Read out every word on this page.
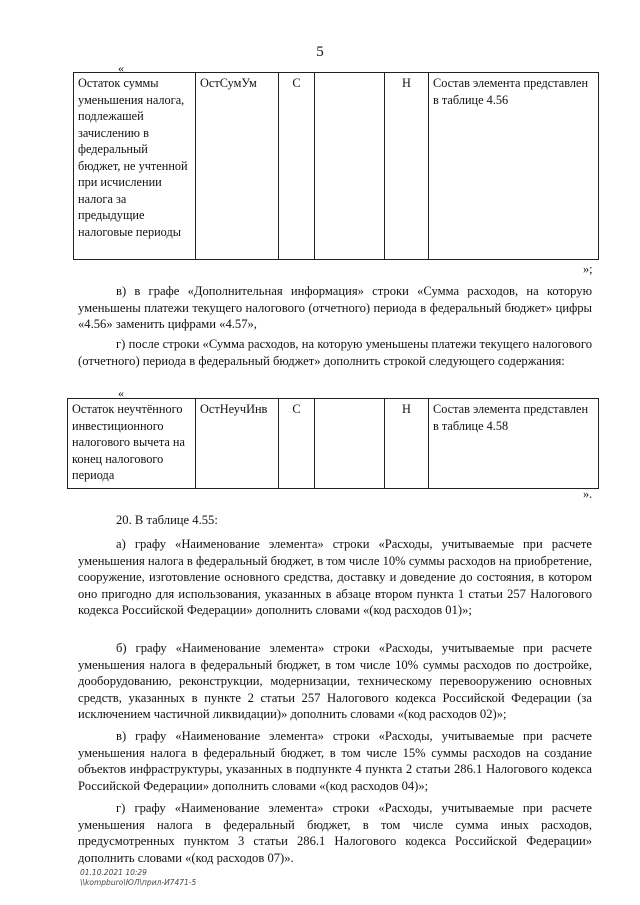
5
«
Остаток суммы уменьшения налога, подлежашей зачислению в федеральный бюджет, не учтенной при исчислении налога за предыдущие налоговые периоды	ОстСумУм	С		Н	Состав элемента представлен в таблице 4.56
»;
в) в графе «Дополнительная информация» строки «Сумма расходов, на которую уменьшены платежи текущего налогового (отчетного) периода в федеральный бюджет» цифры «4.56» заменить цифрами «4.57»,
г) после строки «Сумма расходов, на которую уменьшены платежи текущего налогового (отчетного) периода в федеральный бюджет» дополнить строкой следующего содержания:
«
Остаток неучтённого инвестиционного налогового вычета на конец налогового периода	ОстНеучИнв	С		Н	Состав элемента представлен в таблице 4.58
».
20. В таблице 4.55:
а) графу «Наименование элемента» строки «Расходы, учитываемые при расчете уменьшения налога в федеральный бюджет, в том числе 10% суммы расходов на приобретение, сооружение, изготовление основного средства, доставку и доведение до состояния, в котором оно пригодно для использования, указанных в абзаце втором пункта 1 статьи 257 Налогового кодекса Российской Федерации» дополнить словами «(код расходов 01)»;
б) графу «Наименование элемента» строки «Расходы, учитываемые при расчете уменьшения налога в федеральный бюджет, в том числе 10% суммы расходов по достройке, дооборудованию, реконструкции, модернизации, техническому перевооружению основных средств, указанных в пункте 2 статьи 257 Налогового кодекса Российской Федерации (за исключением частичной ликвидации)» дополнить словами «(код расходов 02)»;
в) графу «Наименование элемента» строки «Расходы, учитываемые при расчете уменьшения налога в федеральный бюджет, в том числе 15% суммы расходов на создание объектов инфраструктуры, указанных в подпункте 4 пункта 2 статьи 286.1 Налогового кодекса Российской Федерации» дополнить словами «(код расходов 04)»;
г) графу «Наименование элемента» строки «Расходы, учитываемые при расчете уменьшения налога в федеральный бюджет, в том числе сумма иных расходов, предусмотренных пунктом 3 статьи 286.1 Налогового кодекса Российской Федерации» дополнить словами «(код расходов 07)».
01.10.2021 10:29
\\kompburo\ЮЛ\прил-И7471-5
